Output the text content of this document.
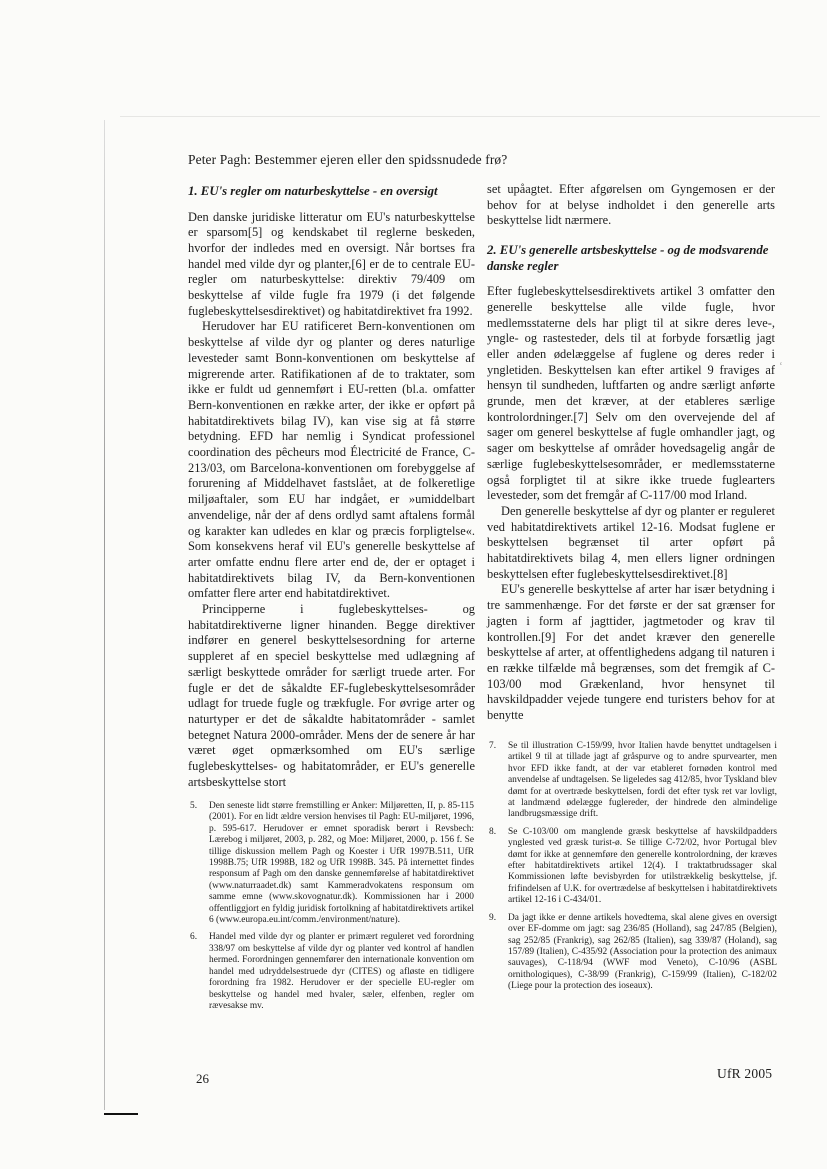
ᶜ
Peter Pagh: Bestemmer ejeren eller den spidssnudede frø?
1. EU's regler om naturbeskyttelse - en oversigt

Den danske juridiske litteratur om EU's naturbeskyttelse er sparsom[5] og kendskabet til reglerne beskeden, hvorfor der indledes med en oversigt. Når bortses fra handel med vilde dyr og planter,[6] er de to centrale EU-regler om naturbeskyttelse: direktiv 79/409 om beskyttelse af vilde fugle fra 1979 (i det følgende fuglebeskyttelsesdirektivet) og habitatdirektivet fra 1992.

Herudover har EU ratificeret Bern-konventionen om beskyttelse af vilde dyr og planter og deres naturlige levesteder samt Bonn-konventionen om beskyttelse af migrerende arter. Ratifikationen af de to traktater, som ikke er fuldt ud gennemført i EU-retten (bl.a. omfatter Bern-konventionen en række arter, der ikke er opført på habitatdirektivets bilag IV), kan vise sig at få større betydning. EFD har nemlig i Syndicat professionel coordination des pêcheurs mod Électricité de France, C-213/03, om Barcelona-konventionen om forebyggelse af forurening af Middelhavet fastslået, at de folkeretlige miljøaftaler, som EU har indgået, er »umiddelbart anvendelige, når der af dens ordlyd samt aftalens formål og karakter kan udledes en klar og præcis forpligtelse«. Som konsekvens heraf vil EU's generelle beskyttelse af arter omfatte endnu flere arter end de, der er optaget i habitatdirektivets bilag IV, da Bern-konventionen omfatter flere arter end habitatdirektivet.

Principperne i fuglebeskyttelses- og habitatdirektiverne ligner hinanden. Begge direktiver indfører en generel beskyttelsesordning for arterne suppleret af en speciel beskyttelse med udlægning af særligt beskyttede områder for særligt truede arter. For fugle er det de såkaldte EF-fuglebeskyttelsesområder udlagt for truede fugle og trækfugle. For øvrige arter og naturtyper er det de såkaldte habitatområder - samlet betegnet Natura 2000-områder. Mens der de senere år har været øget opmærksomhed om EU's særlige fuglebeskyttelses- og habitatområder, er EU's generelle artsbeskyttelse stort

set upåagtet. Efter afgørelsen om Gyngemosen er der behov for at belyse indholdet i den generelle arts beskyttelse lidt nærmere.

2. EU's generelle artsbeskyttelse - og de modsvarende danske regler

Efter fuglebeskyttelsesdirektivets artikel 3 omfatter den generelle beskyttelse alle vilde fugle, hvor medlemsstaterne dels har pligt til at sikre deres leve-, yngle- og rastesteder, dels til at forbyde forsætlig jagt eller anden ødelæggelse af fuglene og deres reder i yngletiden. Beskyttelsen kan efter artikel 9 fraviges af hensyn til sundheden, luftfarten og andre særligt anførte grunde, men det kræver, at der etableres særlige kontrolordninger.[7] Selv om den overvejende del af sager om generel beskyttelse af fugle omhandler jagt, og sager om beskyttelse af områder hovedsagelig angår de særlige fuglebeskyttelsesområder, er medlemsstaterne også forpligtet til at sikre ikke truede fuglearters levesteder, som det fremgår af C-117/00 mod Irland.

Den generelle beskyttelse af dyr og planter er reguleret ved habitatdirektivets artikel 12-16. Modsat fuglene er beskyttelsen begrænset til arter opført på habitatdirektivets bilag 4, men ellers ligner ordningen beskyttelsen efter fuglebeskyttelsesdirektivet.[8]

EU's generelle beskyttelse af arter har især betydning i tre sammenhænge. For det første er der sat grænser for jagten i form af jagttider, jagtmetoder og krav til kontrollen.[9] For det andet kræver den generelle beskyttelse af arter, at offentlighedens adgang til naturen i en række tilfælde må begrænses, som det fremgik af C-103/00 mod Grækenland, hvor hensynet til havskildpadder vejede tungere end turisters behov for at benytte

5. Den seneste lidt større fremstilling er Anker: Miljøretten, II, p. 85-115 (2001). For en lidt ældre version henvises til Pagh: EU-miljøret, 1996, p. 595-617. Herudover er emnet sporadisk berørt i Revsbech: Lærebog i miljøret, 2003, p. 282, og Moe: Miljøret, 2000, p. 156 f. Se tillige diskussion mellem Pagh og Koester i UfR 1997B.511, UfR 1998B.75; UfR 1998B, 182 og UfR 1998B. 345. På internettet findes responsum af Pagh om den danske gennemførelse af habitatdirektivet (www.naturraadet.dk) samt Kammeradvokatens responsum om samme emne (www.skovognatur.dk). Kommissionen har i 2000 offentliggjort en fyldig juridisk fortolkning af habitatdirektivets artikel 6 (www.europa.eu.int/comm./environment/nature).
6. Handel med vilde dyr og planter er primært reguleret ved forordning 338/97 om beskyttelse af vilde dyr og planter ved kontrol af handlen hermed. Forordningen gennemfører den internationale konvention om handel med udryddelsestruede dyr (CITES) og afløste en tidligere forordning fra 1982. Herudover er der specielle EU-regler om beskyttelse og handel med hvaler, sæler, elfenben, regler om rævesakse mv.
7. Se til illustration C-159/99, hvor Italien havde benyttet undtagelsen i artikel 9 til at tillade jagt af gråspurve og to andre spurvearter, men hvor EFD ikke fandt, at der var etableret fornøden kontrol med anvendelse af undtagelsen. Se ligeledes sag 412/85, hvor Tyskland blev dømt for at overtræde beskyttelsen, fordi det efter tysk ret var lovligt, at landmænd ødelægge fuglereder, der hindrede den almindelige landbrugsmæssige drift.
8. Se C-103/00 om manglende græsk beskyttelse af havskildpadders ynglested ved græsk turist-ø. Se tillige C-72/02, hvor Portugal blev dømt for ikke at gennemføre den generelle kontrolordning, der kræves efter habitatdirektivets artikel 12(4). I traktatbrudssager skal Kommissionen løfte bevisbyrden for utilstrækkelig beskyttelse, jf. frifindelsen af U.K. for overtrædelse af beskyttelsen i habitatdirektivets artikel 12-16 i C-434/01.
9. Da jagt ikke er denne artikels hovedtema, skal alene gives en oversigt over EF-domme om jagt: sag 236/85 (Holland), sag 247/85 (Belgien), sag 252/85 (Frankrig), sag 262/85 (Italien), sag 339/87 (Holand), sag 157/89 (Italien), C-435/92 (Association pour la protection des animaux sauvages), C-118/94 (WWF mod Veneto), C-10/96 (ASBL ornithologiques), C-38/99 (Frankrig), C-159/99 (Italien), C-182/02 (Liege pour la protection des ioseaux).
26	UfR 2005
